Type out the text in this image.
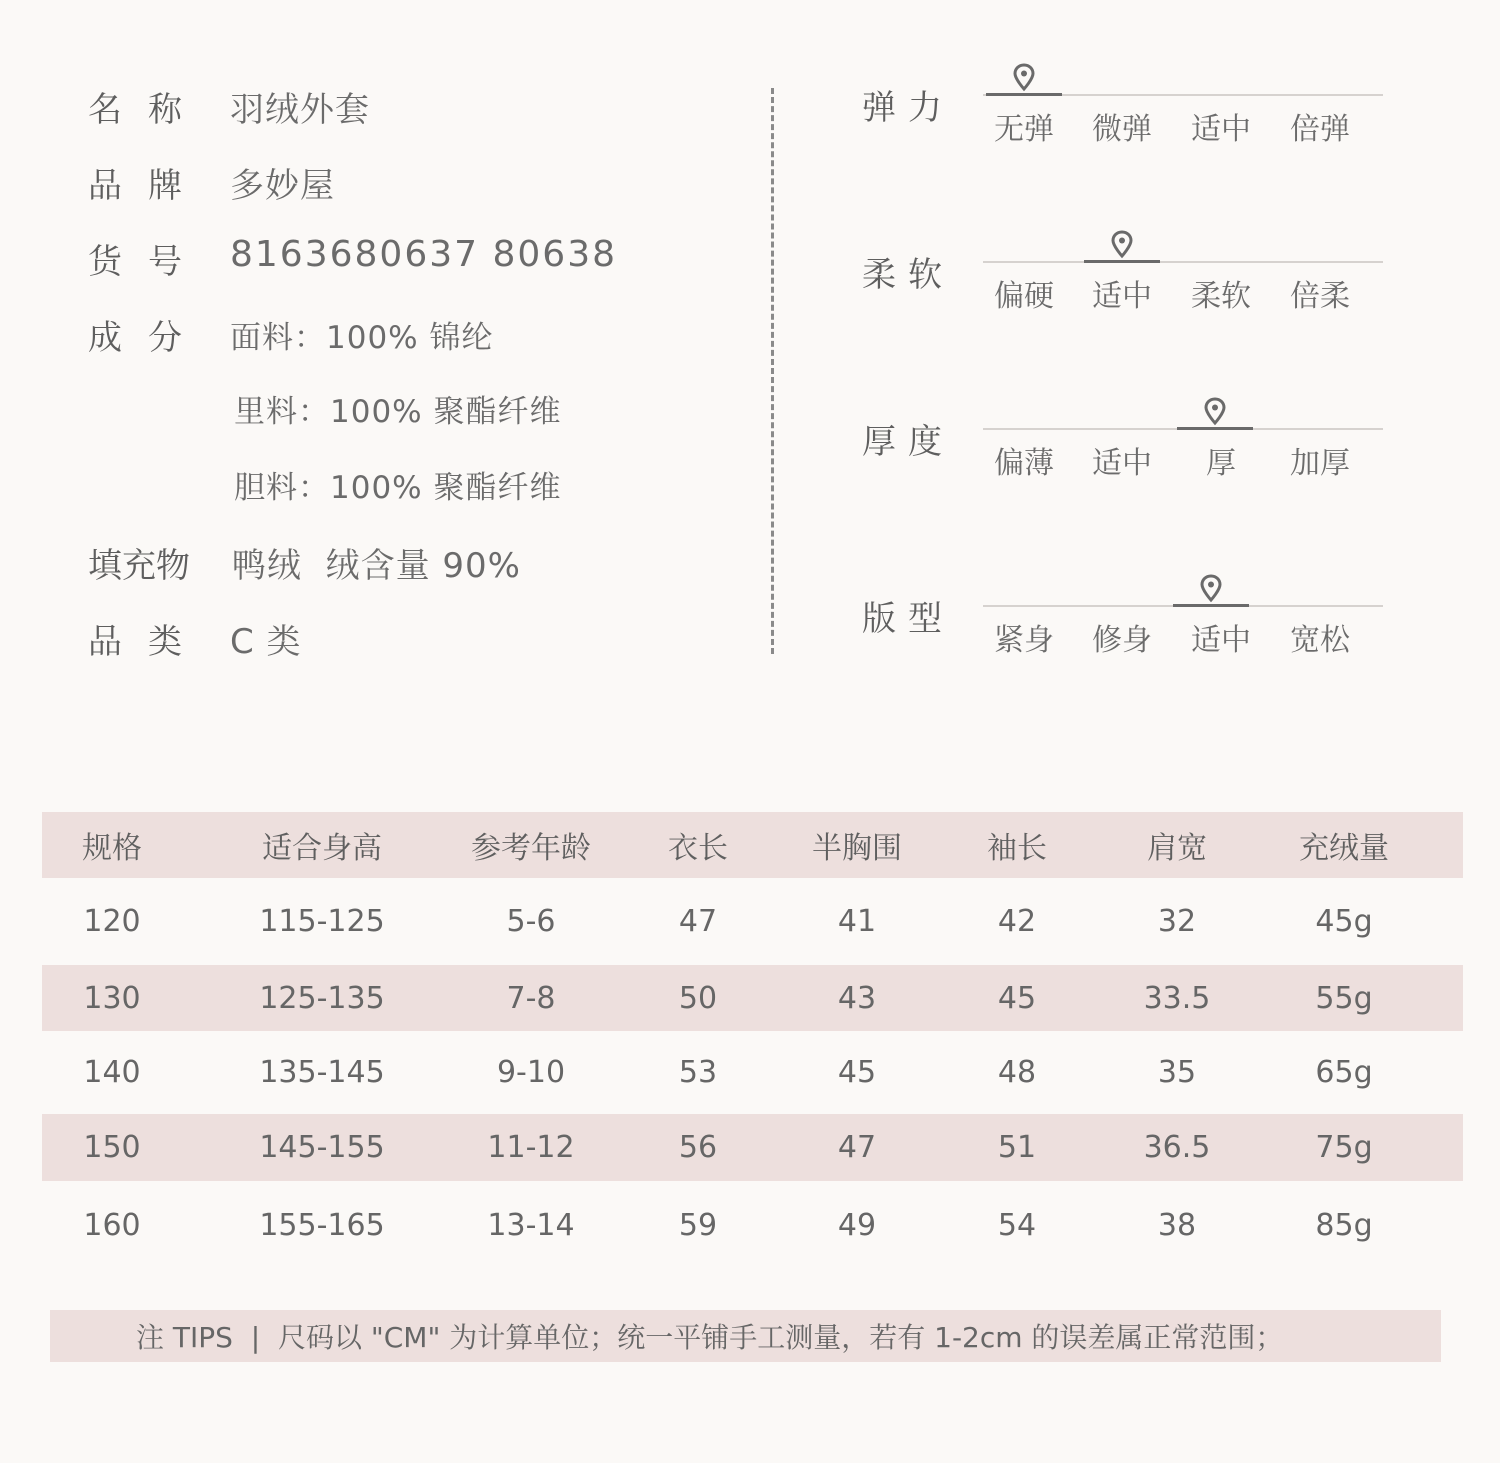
名称 羽绒外套
品牌 多妙屋
货号 8163680637 80638
成分 面料：100% 锦纶
里料：100% 聚酯纤维
胆料：100% 聚酯纤维
填充物 鸭绒  绒含量 90%
品类 C 类
弹力
无弹	微弹	适中	倍弹
柔软
偏硬	适中	柔软	倍柔
厚度
偏薄	适中	厚	加厚
版型
紧身	修身	适中	宽松
规格	适合身高	参考年龄	衣长	半胸围	袖长	肩宽	充绒量
120	115-125	5-6	47	41	42	32	45g
130	125-135	7-8	50	43	45	33.5	55g
140	135-145	9-10	53	45	48	35	65g
150	145-155	11-12	56	47	51	36.5	75g
160	155-165	13-14	59	49	54	38	85g
注 TIPS  |  尺码以 "CM" 为计算单位；统一平铺手工测量，若有 1-2cm 的误差属正常范围；
